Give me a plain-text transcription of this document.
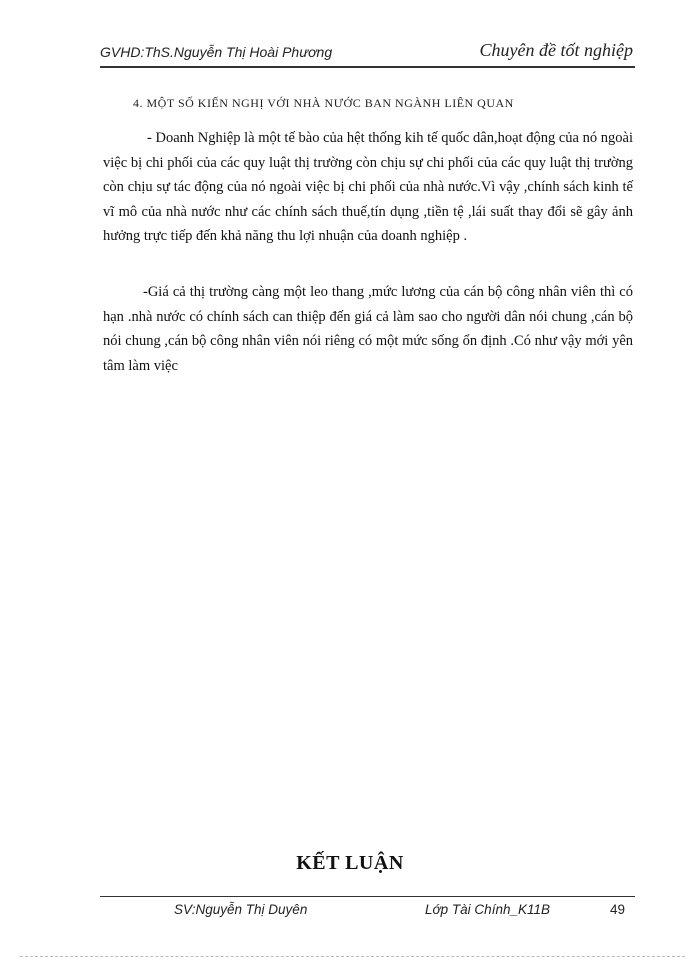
GVHD:ThS.Nguyễn Thị Hoài Phương	Chuyên đề tốt nghiệp
4. MỘT SỐ KIẾN NGHỊ VỚI NHÀ NƯỚC BAN NGÀNH LIÊN QUAN

- Doanh Nghiệp là một tế bào của hệt thống kih tế quốc dân,hoạt động của nó ngoài việc bị chi phối của các quy luật thị trường còn chịu sự chi phối của các quy luật thị trường còn chịu sự tác động của nó ngoài việc bị chi phối của nhà nước.Vì vậy ,chính sách kinh tế vĩ mô của nhà nước như các chính sách thuế,tín dụng ,tiền tệ ,lái suất thay đổi sẽ gây ảnh hưởng trực tiếp đến khả năng thu lợi nhuận của doanh nghiệp .

-Giá cả thị trường càng một leo thang ,mức lương của cán bộ công nhân viên thì có hạn .nhà nước có chính sách can thiệp đến giá cả làm sao cho người dân nói chung ,cán bộ nói chung ,cán bộ công nhân viên nói riêng có một mức sống ổn định .Có như vậy mới yên tâm làm việc

KẾT LUẬN
SV:Nguyễn Thị Duyên	Lớp Tài Chính_K11B	49
